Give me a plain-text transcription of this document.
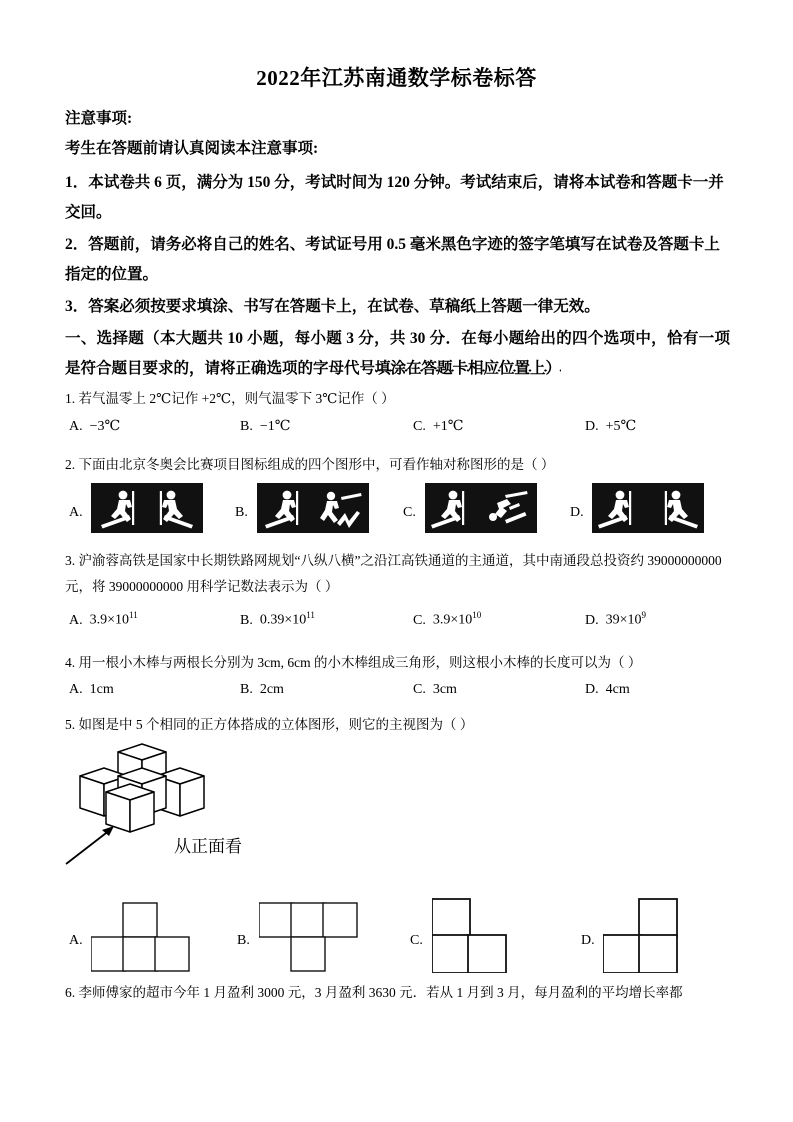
2022年江苏南通数学标卷标答
注意事项:
考生在答题前请认真阅读本注意事项:
1．本试卷共 6 页，满分为 150 分，考试时间为 120 分钟。考试结束后，请将本试卷和答题卡一并交回。
2．答题前，请务必将自己的姓名、考试证号用 0.5 毫米黑色字迹的签字笔填写在试卷及答题卡上指定的位置。
3．答案必须按要求填涂、书写在答题卡上，在试卷、草稿纸上答题一律无效。
一、选择题（本大题共 10 小题，每小题 3 分，共 30 分．在每小题给出的四个选项中，恰有一项是符合题目要求的，请将正确选项的字母代号填涂在答题卡相应位置上）
1. 若气温零上 2℃记作 +2℃，则气温零下 3℃记作（ ）
A. −3℃	B. −1℃	C. +1℃	D. +5℃
2. 下面由北京冬奥会比赛项目图标组成的四个图形中，可看作轴对称图形的是（ ）
A.	B.	C.	D.
3. 沪渝蓉高铁是国家中长期铁路网规划“八纵八横”之沿江高铁通道的主通道，其中南通段总投资约 39000000000 元，将 39000000000 用科学记数法表示为（ ）
A. $3.9\times 10^{11}$	B. $0.39\times 10^{11}$	C. $3.9\times 10^{10}$	D. $39\times 10^9$
4. 用一根小木棒与两根长分别为 3cm, 6cm 的小木棒组成三角形，则这根小木棒的长度可以为（ ）
A. 1cm	B. 2cm	C. 3cm	D. 4cm
5. 如图是中 5 个相同的正方体搭成的立体图形，则它的主视图为（ ）
从正面看
A.	B.	C.	D.
6. 李师傅家的超市今年 1 月盈利 3000 元，3 月盈利 3630 元．若从 1 月到 3 月，每月盈利的平均增长率都
